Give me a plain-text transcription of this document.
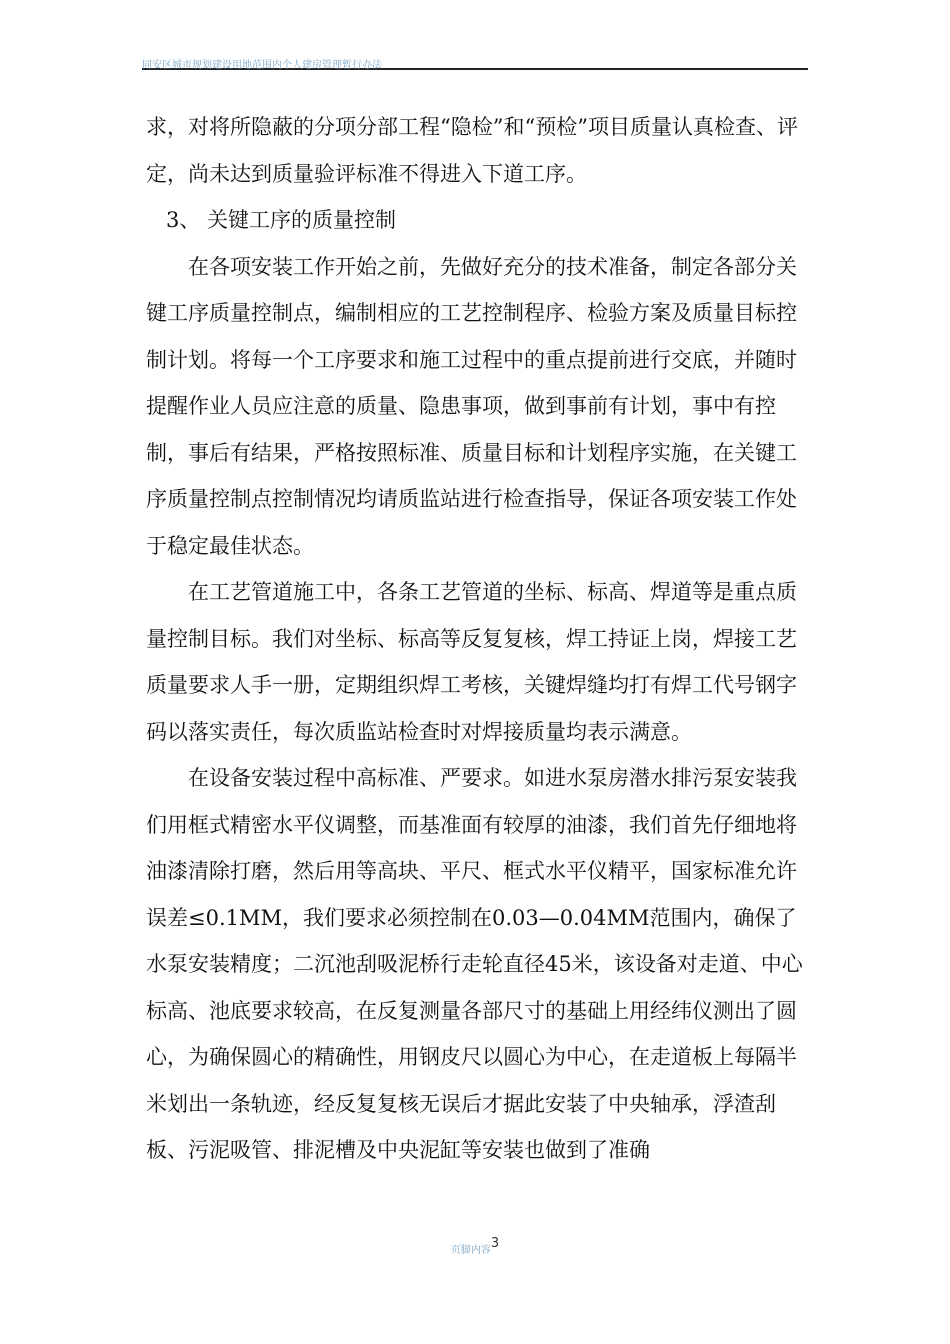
同安区城市规划建设用地范围内个人建房管理暂行办法

求，对将所隐蔽的分项分部工程“隐检”和“预检”项目质量认真检查、评定，尚未达到质量验评标准不得进入下道工序。

3、 关键工序的质量控制

在各项安装工作开始之前，先做好充分的技术准备，制定各部分关键工序质量控制点，编制相应的工艺控制程序、检验方案及质量目标控制计划。将每一个工序要求和施工过程中的重点提前进行交底，并随时提醒作业人员应注意的质量、隐患事项，做到事前有计划，事中有控制，事后有结果，严格按照标准、质量目标和计划程序实施，在关键工序质量控制点控制情况均请质监站进行检查指导，保证各项安装工作处于稳定最佳状态。

在工艺管道施工中，各条工艺管道的坐标、标高、焊道等是重点质量控制目标。我们对坐标、标高等反复复核，焊工持证上岗，焊接工艺质量要求人手一册，定期组织焊工考核，关键焊缝均打有焊工代号钢字码以落实责任，每次质监站检查时对焊接质量均表示满意。

在设备安装过程中高标准、严要求。如进水泵房潜水排污泵安装我们用框式精密水平仪调整，而基准面有较厚的油漆，我们首先仔细地将油漆清除打磨，然后用等高块、平尺、框式水平仪精平，国家标准允许误差≤0.1MM，我们要求必须控制在0.03—0.04MM范围内，确保了水泵安装精度；二沉池刮吸泥桥行走轮直径45米，该设备对走道、中心标高、池底要求较高，在反复测量各部尺寸的基础上用经纬仪测出了圆心，为确保圆心的精确性，用钢皮尺以圆心为中心，在走道板上每隔半米划出一条轨迹，经反复复核无误后才据此安装了中央轴承，浮渣刮板、污泥吸管、排泥槽及中央泥缸等安装也做到了准确

页脚内容$^3$
